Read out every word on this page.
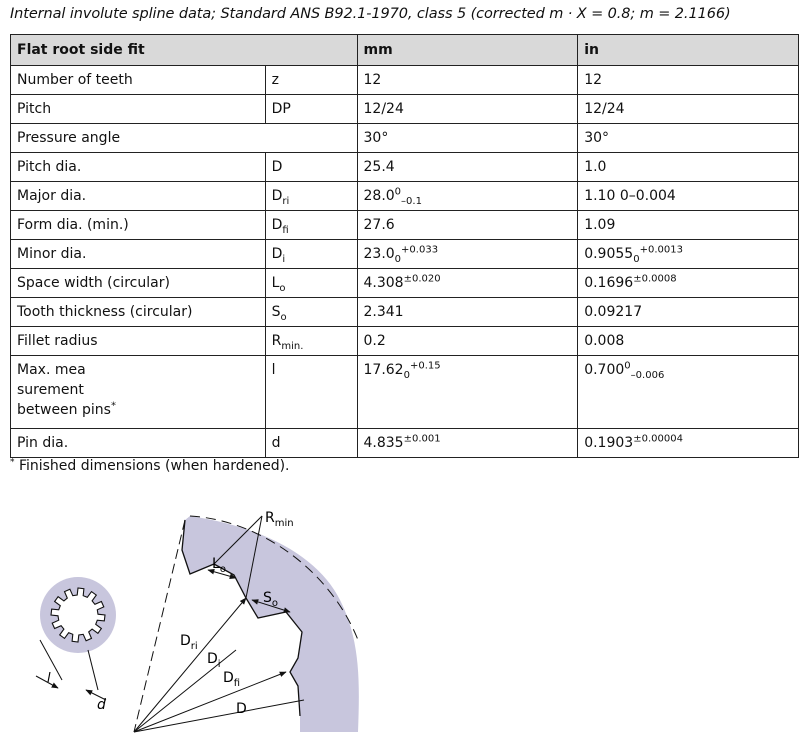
Internal involute spline data; Standard ANS B92.1-1970, class 5 (corrected m · X = 0.8; m = 2.1166)
Flat root side fit		mm	in
Number of teeth	z	12	12
Pitch	DP	12/24	12/24
Pressure angle		30°	30°
Pitch dia.	D	25.4	1.0
Major dia.	$D_{ri}$	$28.0^0_{-0.1}$	1.10 0–0.004
Form dia. (min.)	$D_{fi}$	27.6	1.09
Minor dia.	$D_i$	$23.0_0^{+0.033}$	$0.9055_0^{+0.0013}$
Space width (circular)	$L_o$	$4.308^{\pm 0.020}$	$0.1696^{\pm 0.0008}$
Tooth thickness (circular)	$S_o$	2.341	0.09217
Fillet radius	$R_{min.}$	0.2	0.008
Max. mea
surement
between pins*	l	$17.62_0^{+0.15}$	$0.700^0_{-0.006}$
Pin dia.	d	$4.835^{\pm 0.001}$	$0.1903^{\pm 0.00004}$
* Finished dimensions (when hardened).
l
d
$R_{min}$
$L_o$
$S_o$
$D_{ri}$
$D_i$
$D_{fi}$
D
